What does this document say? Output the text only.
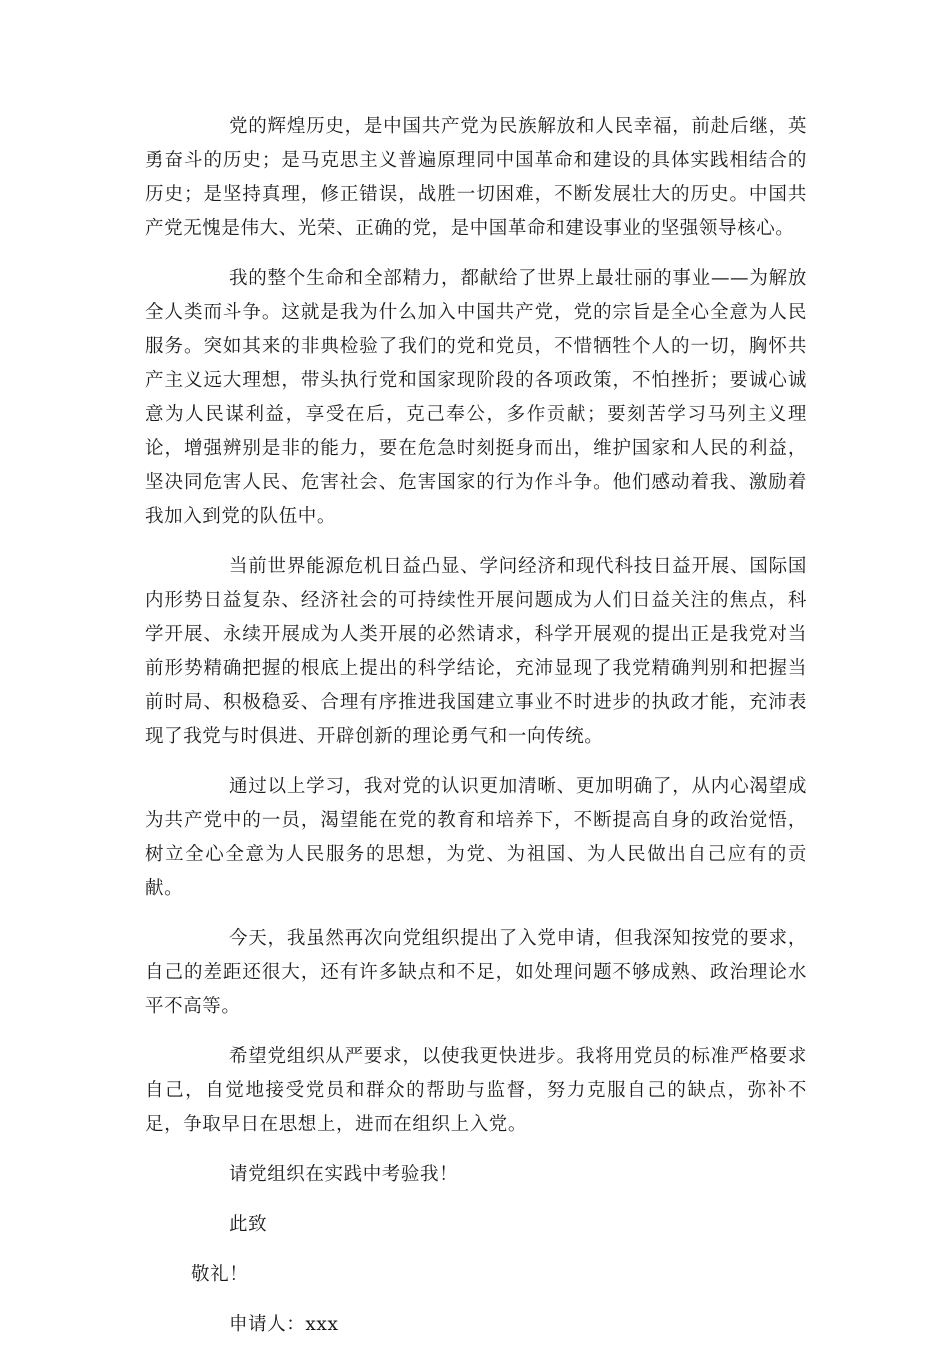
党的辉煌历史，是中国共产党为民族解放和人民幸福，前赴后继，英勇奋斗的历史；是马克思主义普遍原理同中国革命和建设的具体实践相结合的历史；是坚持真理，修正错误，战胜一切困难，不断发展壮大的历史。中国共产党无愧是伟大、光荣、正确的党，是中国革命和建设事业的坚强领导核心。

我的整个生命和全部精力，都献给了世界上最壮丽的事业——为解放全人类而斗争。这就是我为什么加入中国共产党，党的宗旨是全心全意为人民服务。突如其来的非典检验了我们的党和党员，不惜牺牲个人的一切，胸怀共产主义远大理想，带头执行党和国家现阶段的各项政策，不怕挫折；要诚心诚意为人民谋利益，享受在后，克己奉公，多作贡献；要刻苦学习马列主义理论，增强辨别是非的能力，要在危急时刻挺身而出，维护国家和人民的利益，坚决同危害人民、危害社会、危害国家的行为作斗争。他们感动着我、激励着我加入到党的队伍中。

当前世界能源危机日益凸显、学问经济和现代科技日益开展、国际国内形势日益复杂、经济社会的可持续性开展问题成为人们日益关注的焦点，科学开展、永续开展成为人类开展的必然请求，科学开展观的提出正是我党对当前形势精确把握的根底上提出的科学结论，充沛显现了我党精确判别和把握当前时局、积极稳妥、合理有序推进我国建立事业不时进步的执政才能，充沛表现了我党与时俱进、开辟创新的理论勇气和一向传统。

通过以上学习，我对党的认识更加清晰、更加明确了，从内心渴望成为共产党中的一员，渴望能在党的教育和培养下，不断提高自身的政治觉悟，树立全心全意为人民服务的思想，为党、为祖国、为人民做出自己应有的贡献。

今天，我虽然再次向党组织提出了入党申请，但我深知按党的要求，自己的差距还很大，还有许多缺点和不足，如处理问题不够成熟、政治理论水平不高等。

希望党组织从严要求，以使我更快进步。我将用党员的标准严格要求自己，自觉地接受党员和群众的帮助与监督，努力克服自己的缺点，弥补不足，争取早日在思想上，进而在组织上入党。

请党组织在实践中考验我！
此致
敬礼！
申请人：xxx
